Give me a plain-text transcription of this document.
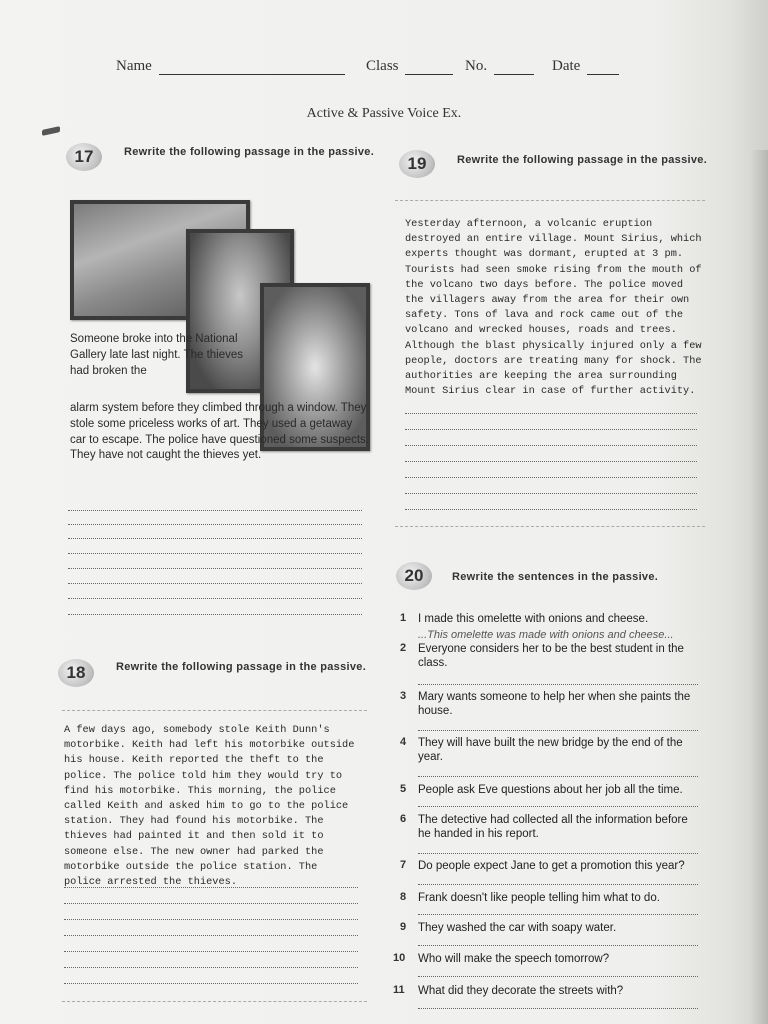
Name	Class	No.	Date
Active & Passive Voice Ex.
17	Rewrite the following passage in the passive.
Someone broke into the National Gallery late last night. The thieves had broken the
alarm system before they climbed through a window. They stole some priceless works of art. They used a getaway car to escape. The police have questioned some suspects. They have not caught the thieves yet.
18	Rewrite the following passage in the passive.
A few days ago, somebody stole Keith Dunn's motorbike. Keith had left his motorbike outside his house. Keith reported the theft to the police. The police told him they would try to find his motorbike. This morning, the police called Keith and asked him to go to the police station. They had found his motorbike. The thieves had painted it and then sold it to someone else. The new owner had parked the motorbike outside the police station. The police arrested the thieves.
19	Rewrite the following passage in the passive.
Yesterday afternoon, a volcanic eruption destroyed an entire village. Mount Sirius, which experts thought was dormant, erupted at 3 pm. Tourists had seen smoke rising from the mouth of the volcano two days before. The police moved the villagers away from the area for their own safety. Tons of lava and rock came out of the volcano and wrecked houses, roads and trees. Although the blast physically injured only a few people, doctors are treating many for shock. The authorities are keeping the area surrounding Mount Sirius clear in case of further activity.
20	Rewrite the sentences in the passive.
1 I made this omelette with onions and cheese.
...This omelette was made with onions and cheese...
2 Everyone considers her to be the best student in the class.
3 Mary wants someone to help her when she paints the house.
4 They will have built the new bridge by the end of the year.
5 People ask Eve questions about her job all the time.
6 The detective had collected all the information before he handed in his report.
7 Do people expect Jane to get a promotion this year?
8 Frank doesn't like people telling him what to do.
9 They washed the car with soapy water.
10 Who will make the speech tomorrow?
11 What did they decorate the streets with?
